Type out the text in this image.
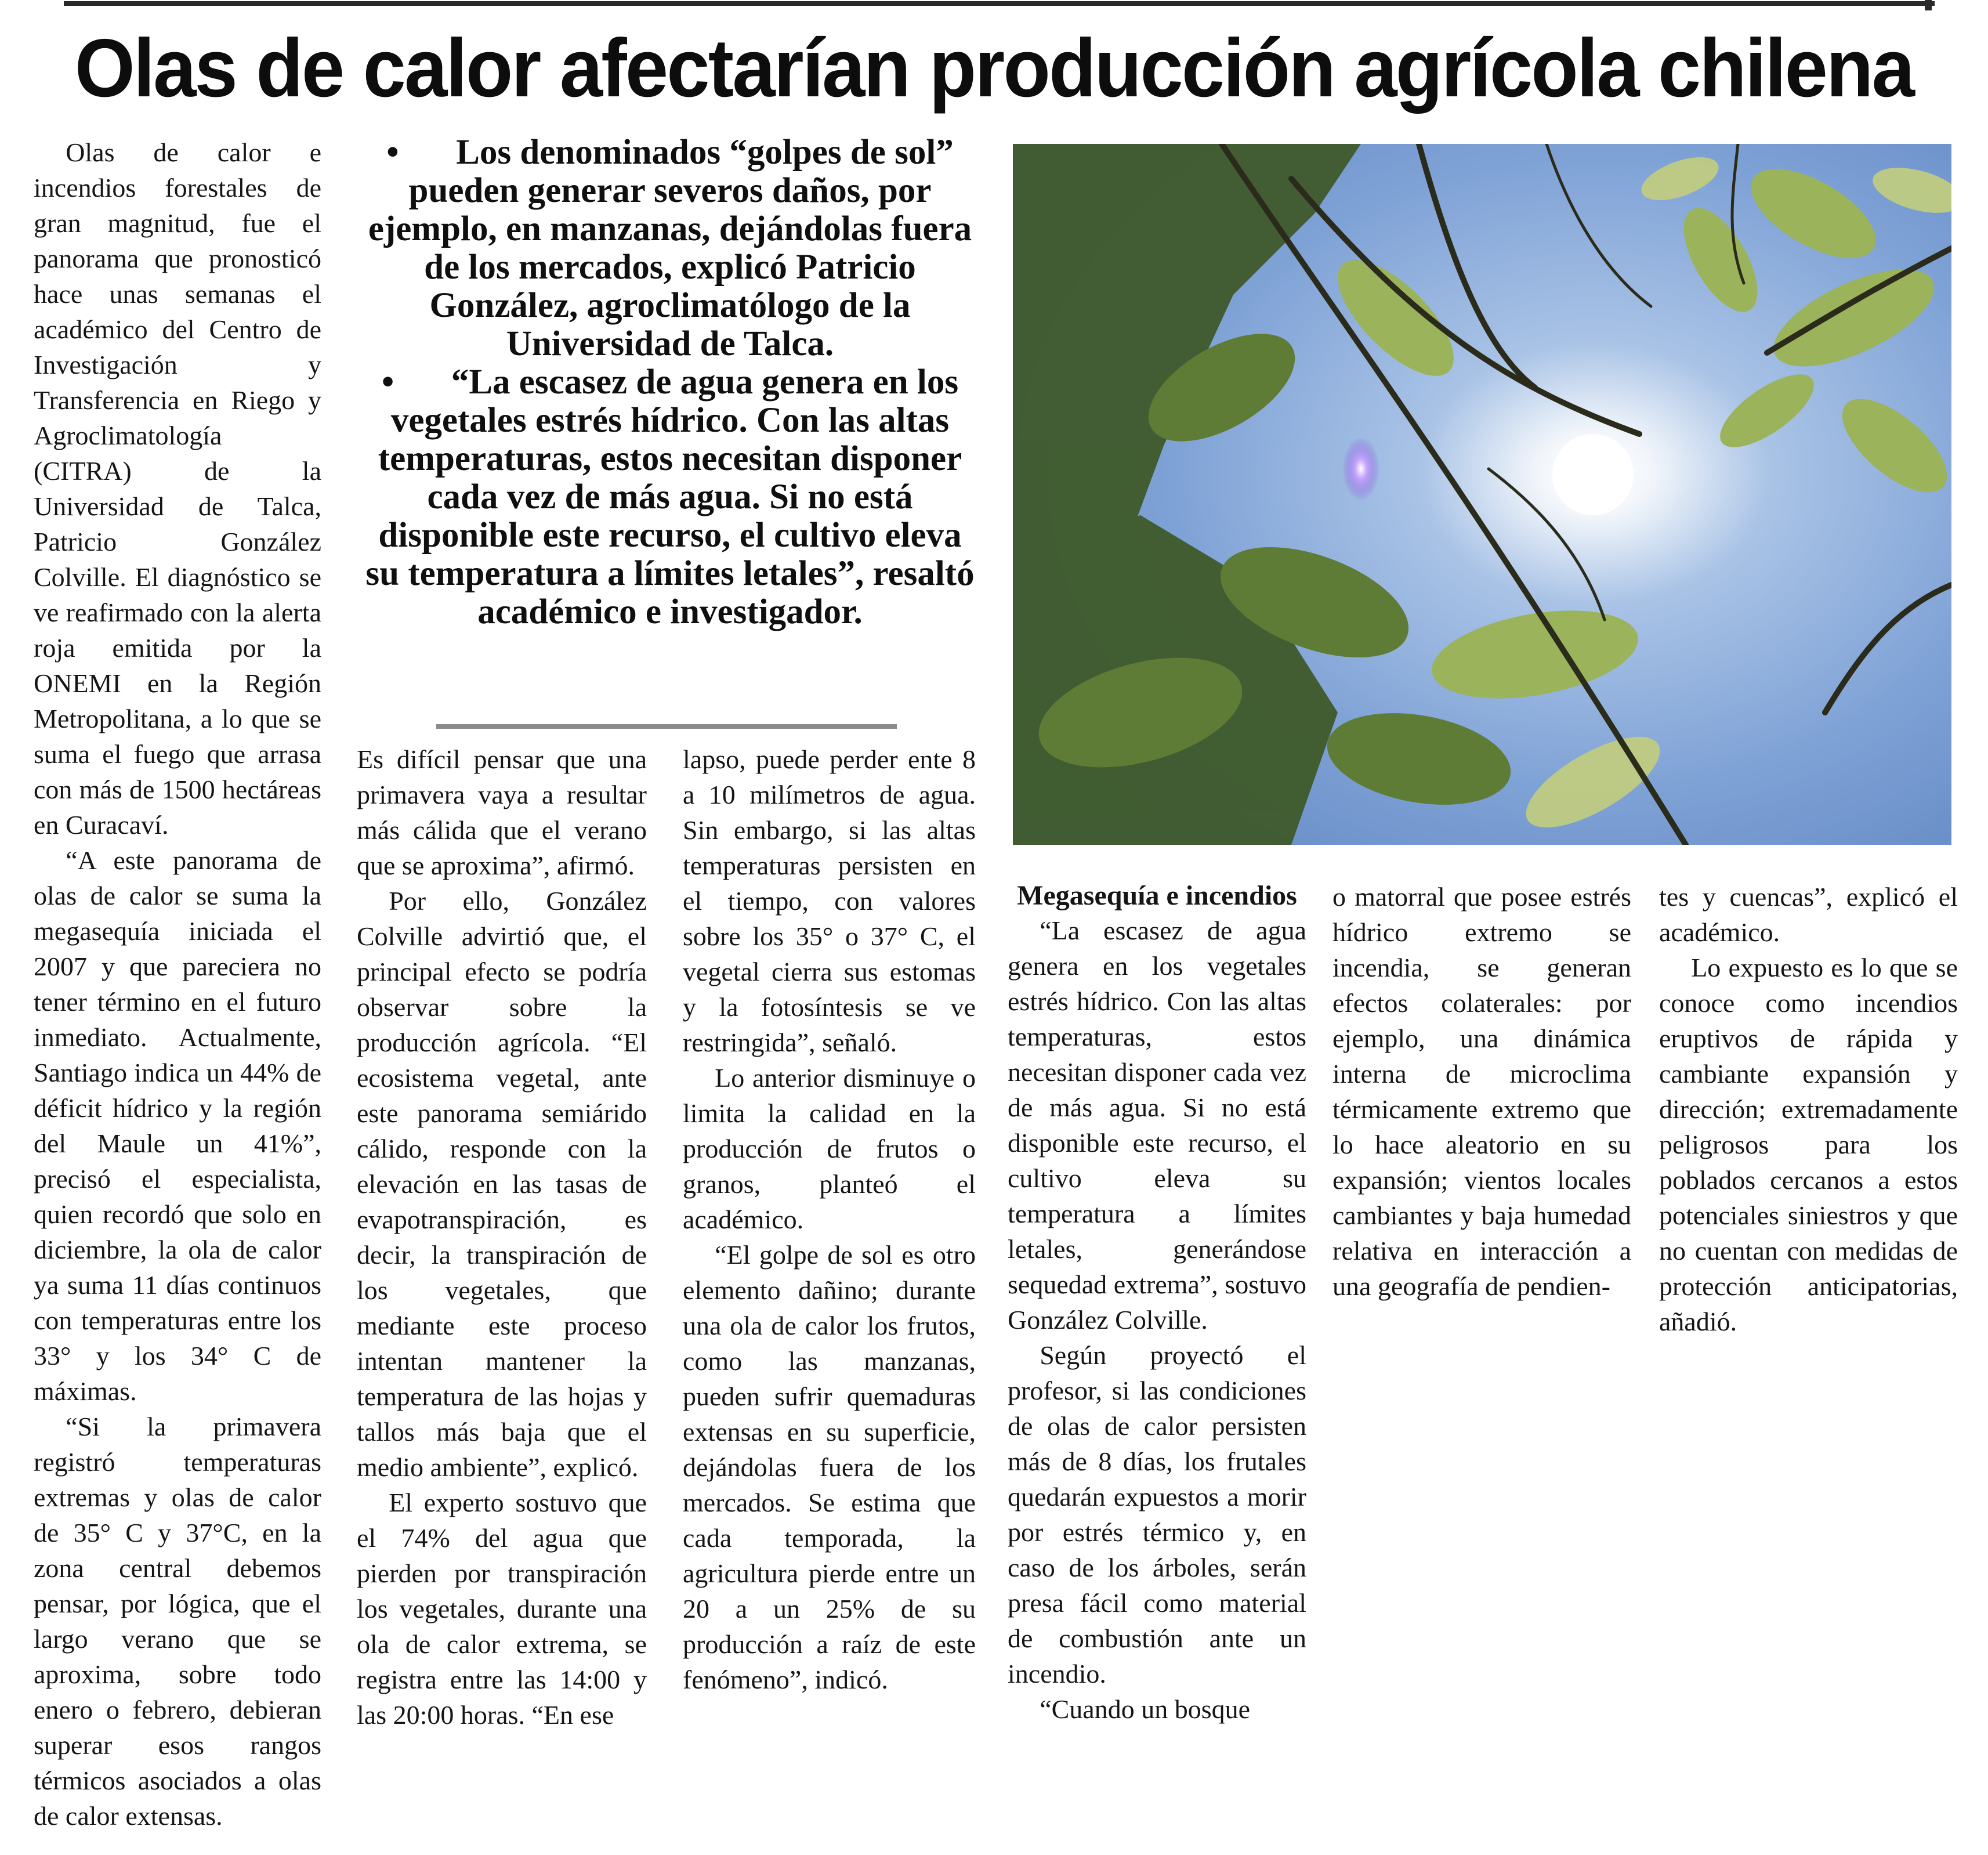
Olas de calor afectarían producción agrícola chilena

Olas de calor e incendios forestales de gran magnitud, fue el panorama que pronosticó hace unas semanas el académico del Centro de Investigación y Transferencia en Riego y Agroclimatología (CITRA) de la Universidad de Talca, Patricio González Colville. El diagnóstico se ve reafirmado con la alerta roja emitida por la ONEMI en la Región Metropolitana, a lo que se suma el fuego que arrasa con más de 1500 hectáreas en Curacaví.

“A este panorama de olas de calor se suma la megasequía iniciada el 2007 y que pareciera no tener término en el futuro inmediato. Actualmente, Santiago indica un 44% de déficit hídrico y la región del Maule un 41%”, precisó el especialista, quien recordó que solo en diciembre, la ola de calor ya suma 11 días continuos con temperaturas entre los 33° y los 34° C de máximas.

“Si la primavera registró temperaturas extremas y olas de calor de 35° C y 37°C, en la zona central debemos pensar, por lógica, que el largo verano que se aproxima, sobre todo enero o febrero, debieran superar esos rangos térmicos asociados a olas de calor extensas.

• Los denominados “golpes de sol” pueden generar severos daños, por ejemplo, en manzanas, dejándolas fuera de los mercados, explicó Patricio González, agroclimatólogo de la Universidad de Talca.

• “La escasez de agua genera en los vegetales estrés hídrico. Con las altas temperaturas, estos necesitan disponer cada vez de más agua. Si no está disponible este recurso, el cultivo eleva su temperatura a límites letales”, resaltó académico e investigador.

Es difícil pensar que una primavera vaya a resultar más cálida que el verano que se aproxima”, afirmó.

Por ello, González Colville advirtió que, el principal efecto se podría observar sobre la producción agrícola. “El ecosistema vegetal, ante este panorama semiárido cálido, responde con la elevación en las tasas de evapotranspiración, es decir, la transpiración de los vegetales, que mediante este proceso intentan mantener la temperatura de las hojas y tallos más baja que el medio ambiente”, explicó.

El experto sostuvo que el 74% del agua que pierden por transpiración los vegetales, durante una ola de calor extrema, se registra entre las 14:00 y las 20:00 horas. “En ese

lapso, puede perder ente 8 a 10 milímetros de agua. Sin embargo, si las altas temperaturas persisten en el tiempo, con valores sobre los 35° o 37° C, el vegetal cierra sus estomas y la fotosíntesis se ve restringida”, señaló.

Lo anterior disminuye o limita la calidad en la producción de frutos o granos, planteó el académico.

“El golpe de sol es otro elemento dañino; durante una ola de calor los frutos, como las manzanas, pueden sufrir quemaduras extensas en su superficie, dejándolas fuera de los mercados. Se estima que cada temporada, la agricultura pierde entre un 20 a un 25% de su producción a raíz de este fenómeno”, indicó.

Megasequía e incendios

“La escasez de agua genera en los vegetales estrés hídrico. Con las altas temperaturas, estos necesitan disponer cada vez de más agua. Si no está disponible este recurso, el cultivo eleva su temperatura a límites letales, generándose sequedad extrema”, sostuvo González Colville.

Según proyectó el profesor, si las condiciones de olas de calor persisten más de 8 días, los frutales quedarán expuestos a morir por estrés térmico y, en caso de los árboles, serán presa fácil como material de combustión ante un incendio.

“Cuando un bosque

o matorral que posee estrés hídrico extremo se incendia, se generan efectos colaterales: por ejemplo, una dinámica interna de microclima térmicamente extremo que lo hace aleatorio en su expansión; vientos locales cambiantes y baja humedad relativa en interacción a una geografía de pendien-

tes y cuencas”, explicó el académico.

Lo expuesto es lo que se conoce como incendios eruptivos de rápida y cambiante expansión y dirección; extremadamente peligrosos para los poblados cercanos a estos potenciales siniestros y que no cuentan con medidas de protección anticipatorias, añadió.
